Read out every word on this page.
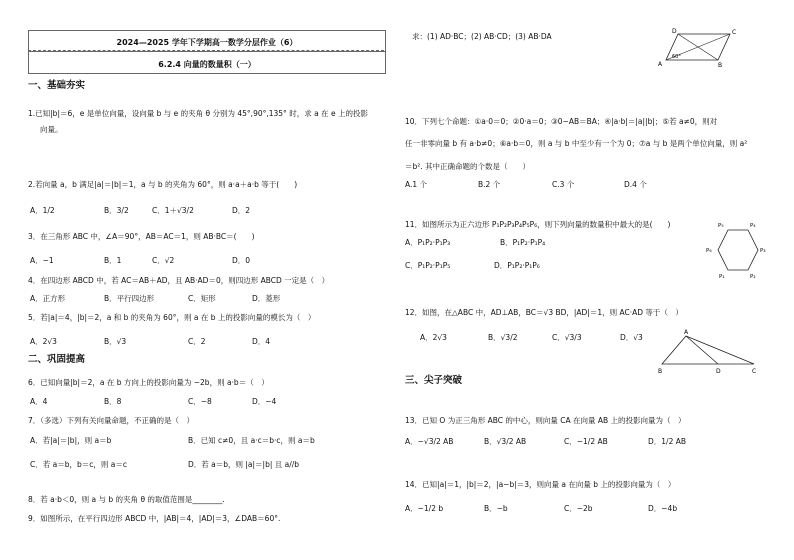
2024—2025 学年下学期高一数学分层作业（6）
6.2.4 向量的数量积（一）
一、基础夯实
1.已知|b|＝6，e 是单位向量，设向量 b 与 e 的夹角 θ 分别为 45°,90°,135° 时，求 a 在 e 上的投影
向量。
2.若向量 a，b 满足|a|＝|b|＝1，a 与 b 的夹角为 60°，则 a·a＋a·b 等于(　　)
A．1/2	B．3/2	C．1＋√3/2	D．2
3．在三角形 ABC 中，∠A＝90°，AB＝AC＝1，则 AB·BC＝(　　)
A．−1	B．1	C．√2	D．0
4．在四边形 ABCD 中，若 AC＝AB＋AD，且 AB·AD＝0，则四边形 ABCD 一定是（　）
A．正方形	B．平行四边形	C．矩形	D．菱形
5．若|a|＝4，|b|＝2，a 和 b 的夹角为 60°，则 a 在 b 上的投影向量的模长为（　）
A．2√3	B．√3	C．2	D．4
二、巩固提高
6．已知向量|b|＝2，a 在 b 方向上的投影向量为 −2b，则 a·b＝（　）
A．4	B．8	C．−8	D．−4
7．（多选）下列有关向量命题，不正确的是（　）
A．若|a|＝|b|，则 a＝b	B．已知 c≠0，且 a·c＝b·c，则 a＝b
C．若 a＝b，b＝c，则 a＝c	D．若 a＝b，则 |a|＝|b| 且 a//b
8．若 a·b＜0，则 a 与 b 的夹角 θ 的取值范围是________.
9．如图所示，在平行四边形 ABCD 中，|AB|＝4，|AD|＝3，∠DAB＝60°.
求：(1) AD·BC；(2) AB·CD；(3) AB·DA
A	B
C
D
60°
10．下列七个命题：①a·0＝0；②0·a＝0；③0−AB＝BA；④|a·b|＝|a||b|；⑤若 a≠0，则对
任一非零向量 b 有 a·b≠0；⑥a·b＝0，则 a 与 b 中至少有一个为 0；⑦a 与 b 是两个单位向量，则 a²
＝b². 其中正确命题的个数是（　　）
A.1 个	B.2 个	C.3 个	D.4 个
11．如图所示为正六边形 P₁P₂P₃P₄P₅P₆，则下列向量的数量积中最大的是(　　)
A．P₁P₂·P₁P₃	B．P₁P₂·P₁P₄
C．P₁P₂·P₁P₅	D．P₁P₂·P₁P₆
P₁	P₂
P₃
P₄
P₅
P₆
12．如图，在△ABC 中，AD⊥AB，BC＝√3 BD，|AD|＝1，则 AC·AD 等于（　）
A．2√3	B．√3/2	C．√3/3	D．√3
A
B	D	C
三、尖子突破
13．已知 O 为正三角形 ABC 的中心，则向量 CA 在向量 AB 上的投影向量为（　）
A．−√3/2 AB	B．√3/2 AB	C．−1/2 AB	D．1/2 AB
14．已知|a|＝1，|b|＝2，|a−b|＝3，则向量 a 在向量 b 上的投影向量为（　）
A．−1/2 b	B．−b	C．−2b	D．−4b
